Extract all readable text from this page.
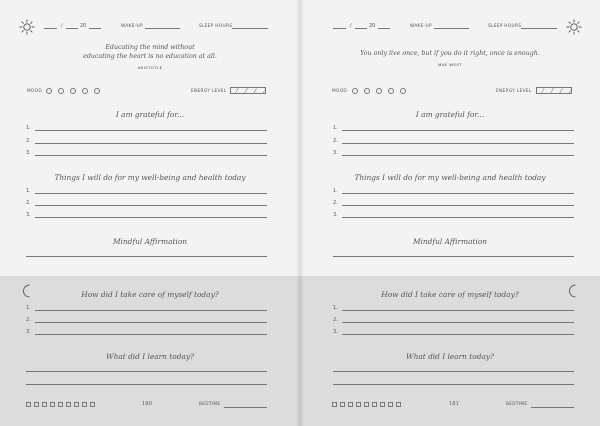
/	20	WAKE-UP	SLEEP HOURS
Educating the mind without
educating the heart is no education at all.
ARISTOTLE
MOOD	ENERGY LEVEL
I am grateful for...
1.
2.
3.
Things I will do for my well-being and health today
1.
2.
3.
Mindful Affirmation
How did I take care of myself today?
1.
2.
3.
What did I learn today?
180	BEDTIME
/	20	WAKE-UP	SLEEP HOURS
You only live once, but if you do it right, once is enough.
MAE WEST
MOOD	ENERGY LEVEL
I am grateful for...
1.
2.
3.
Things I will do for my well-being and health today
1.
2.
3.
Mindful Affirmation
How did I take care of myself today?
1.
2.
3.
What did I learn today?
181	BEDTIME
